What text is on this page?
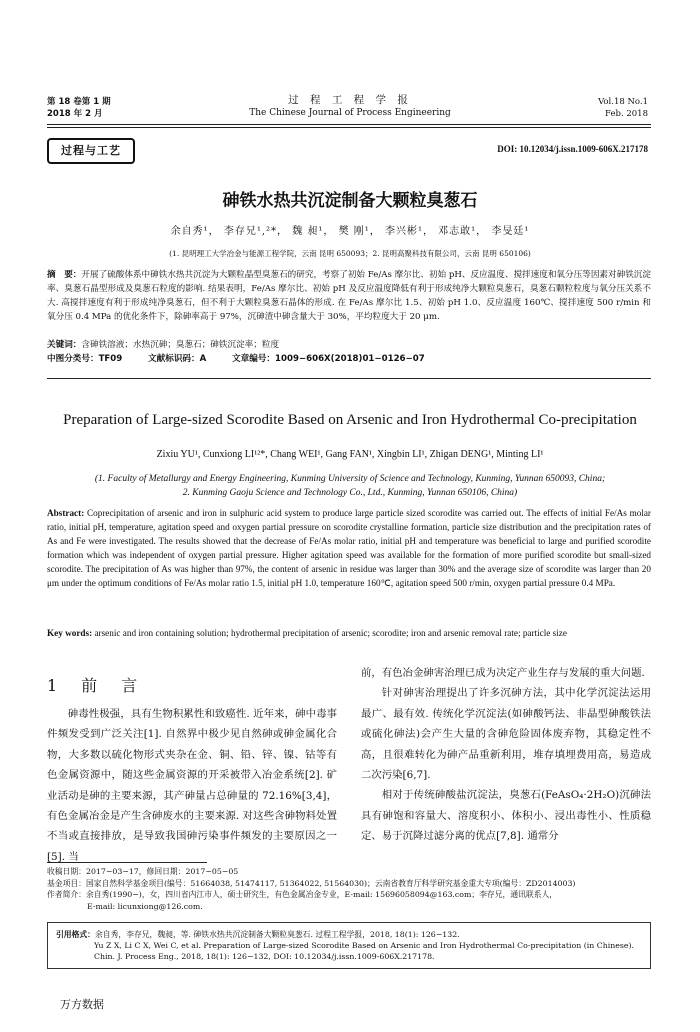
第 18 卷第 1 期
2018 年 2 月
过 程 工 程 学 报
The Chinese Journal of Process Engineering
Vol.18 No.1
Feb. 2018
过程与工艺	DOI: 10.12034/j.issn.1009-606X.217178
砷铁水热共沉淀制备大颗粒臭葱石
余自秀¹， 李存兄¹,²*， 魏 昶¹， 樊 刚¹， 李兴彬¹， 邓志敢¹， 李旻廷¹
(1. 昆明理工大学冶金与能源工程学院，云南 昆明 650093；2. 昆明高聚科技有限公司，云南 昆明 650106)
摘　要：开展了硫酸体系中砷铁水热共沉淀为大颗粒晶型臭葱石的研究，考察了初始 Fe/As 摩尔比、初始 pH、反应温度、搅拌速度和氧分压等因素对砷铁沉淀率、臭葱石晶型形成及臭葱石粒度的影响. 结果表明，Fe/As 摩尔比、初始 pH 及反应温度降低有利于形成纯净大颗粒臭葱石，臭葱石颗粒粒度与氧分压关系不大. 高搅拌速度有利于形成纯净臭葱石，但不利于大颗粒臭葱石晶体的形成. 在 Fe/As 摩尔比 1.5、初始 pH 1.0、反应温度 160℃、搅拌速度 500 r/min 和氧分压 0.4 MPa 的优化条件下，除砷率高于 97%，沉砷渣中砷含量大于 30%，平均粒度大于 20 μm.
关键词：含砷铁溶液；水热沉砷；臭葱石；砷铁沉淀率；粒度
中图分类号：TF09　　　文献标识码：A　　　文章编号：1009−606X(2018)01−0126−07
Preparation of Large-sized Scorodite Based on Arsenic and Iron Hydrothermal Co-precipitation
Zixiu YU¹, Cunxiong LI¹²*, Chang WEI¹, Gang FAN¹, Xingbin LI¹, Zhigan DENG¹, Minting LI¹
(1. Faculty of Metallurgy and Energy Engineering, Kunming University of Science and Technology, Kunming, Yunnan 650093, China;
2. Kunming Gaoju Science and Technology Co., Ltd., Kunming, Yunnan 650106, China)
Abstract: Coprecipitation of arsenic and iron in sulphuric acid system to produce large particle sized scorodite was carried out. The effects of initial Fe/As molar ratio, initial pH, temperature, agitation speed and oxygen partial pressure on scorodite crystalline formation, particle size distribution and the precipitation rates of As and Fe were investigated. The results showed that the decrease of Fe/As molar ratio, initial pH and temperature was beneficial to large and purified scorodite formation which was independent of oxygen partial pressure. Higher agitation speed was available for the formation of more purified scorodite but small-sized scorodite. The precipitation of As was higher than 97%, the content of arsenic in residue was larger than 30% and the average size of scorodite was larger than 20 μm under the optimum conditions of Fe/As molar ratio 1.5, initial pH 1.0, temperature 160℃, agitation speed 500 r/min, oxygen partial pressure 0.4 MPa.
Key words: arsenic and iron containing solution; hydrothermal precipitation of arsenic; scorodite; iron and arsenic removal rate; particle size
1　前　言

砷毒性极强，具有生物积累性和致癌性. 近年来，砷中毒事件频发受到广泛关注[1]. 自然界中极少见自然砷或砷金属化合物，大多数以硫化物形式夹杂在金、铜、铅、锌、镍、钴等有色金属资源中，随这些金属资源的开采被带入冶金系统[2]. 矿业活动是砷的主要来源，其产砷量占总砷量的 72.16%[3,4]，有色金属冶金是产生含砷废水的主要来源. 对这些含砷物料处置不当或直接排放，是导致我国砷污染事件频发的主要原因之一[5]. 当

前，有色冶金砷害治理已成为决定产业生存与发展的重大问题.

针对砷害治理提出了许多沉砷方法，其中化学沉淀法运用最广、最有效. 传统化学沉淀法(如砷酸钙法、非晶型砷酸铁法或硫化砷法)会产生大量的含砷危险固体废弃物，其稳定性不高，且很难转化为砷产品重新利用，堆存填埋费用高，易造成二次污染[6,7].

相对于传统砷酸盐沉淀法，臭葱石(FeAsO₄·2H₂O)沉砷法具有砷饱和容量大、溶度积小、体积小、浸出毒性小、性质稳定、易于沉降过滤分离的优点[7,8]. 通常分

收稿日期：2017−03−17，修回日期：2017−05−05
基金项目：国家自然科学基金项目(编号：51664038, 51474117, 51364022, 51564030)；云南省教育厅科学研究基金重大专项(编号：ZD2014003)
作者简介：余自秀(1990−)，女，四川省内江市人，硕士研究生，有色金属冶金专业，E-mail: 15696058094@163.com；李存兄，通讯联系人，
E-mail: licunxiong@126.com.
引用格式：余自秀，李存兄，魏昶，等. 砷铁水热共沉淀制备大颗粒臭葱石. 过程工程学报，2018, 18(1): 126−132.
Yu Z X, Li C X, Wei C, et al. Preparation of Large-sized Scorodite Based on Arsenic and Iron Hydrothermal Co-precipitation (in Chinese).
Chin. J. Process Eng., 2018, 18(1): 126−132, DOI: 10.12034/j.issn.1009-606X.217178.
万方数据
